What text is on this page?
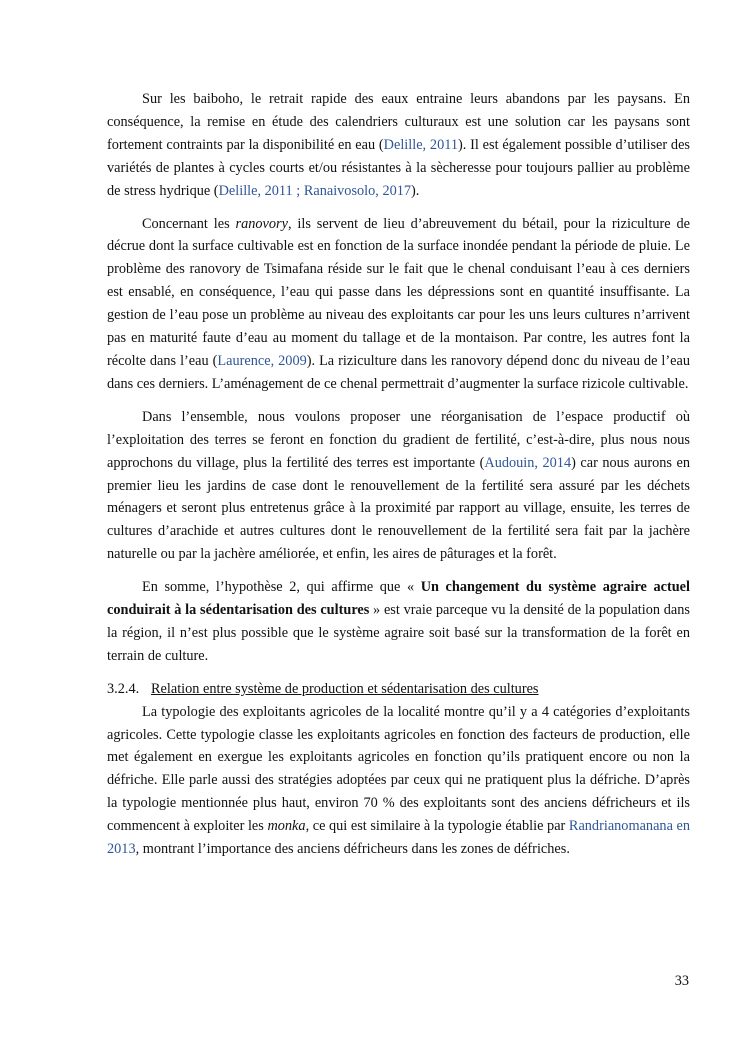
Sur les baiboho, le retrait rapide des eaux entraine leurs abandons par les paysans. En conséquence, la remise en étude des calendriers culturaux est une solution car les paysans sont fortement contraints par la disponibilité en eau (Delille, 2011). Il est également possible d’utiliser des variétés de plantes à cycles courts et/ou résistantes à la sècheresse pour toujours pallier au problème de stress hydrique (Delille, 2011 ; Ranaivosolo, 2017).

Concernant les ranovory, ils servent de lieu d’abreuvement du bétail, pour la riziculture de décrue dont la surface cultivable est en fonction de la surface inondée pendant la période de pluie. Le problème des ranovory de Tsimafana réside sur le fait que le chenal conduisant l’eau à ces derniers est ensablé, en conséquence, l’eau qui passe dans les dépressions sont en quantité insuffisante. La gestion de l’eau pose un problème au niveau des exploitants car pour les uns leurs cultures n’arrivent pas en maturité faute d’eau au moment du tallage et de la montaison. Par contre, les autres font la récolte dans l’eau (Laurence, 2009). La riziculture dans les ranovory dépend donc du niveau de l’eau dans ces derniers. L’aménagement de ce chenal permettrait d’augmenter la surface rizicole cultivable.

Dans l’ensemble, nous voulons proposer une réorganisation de l’espace productif où l’exploitation des terres se feront en fonction du gradient de fertilité, c’est-à-dire, plus nous nous approchons du village, plus la fertilité des terres est importante (Audouin, 2014) car nous aurons en premier lieu les jardins de case dont le renouvellement de la fertilité sera assuré par les déchets ménagers et seront plus entretenus grâce à la proximité par rapport au village, ensuite, les terres de cultures d’arachide et autres cultures dont le renouvellement de la fertilité sera fait par la jachère naturelle ou par la jachère améliorée, et enfin, les aires de pâturages et la forêt.

En somme, l’hypothèse 2, qui affirme que « Un changement du système agraire actuel conduirait à la sédentarisation des cultures » est vraie parceque vu la densité de la population dans la région, il n’est plus possible que le système agraire soit basé sur la transformation de la forêt en terrain de culture.

3.2.4. Relation entre système de production et sédentarisation des cultures

La typologie des exploitants agricoles de la localité montre qu’il y a 4 catégories d’exploitants agricoles. Cette typologie classe les exploitants agricoles en fonction des facteurs de production, elle met également en exergue les exploitants agricoles en fonction qu’ils pratiquent encore ou non la défriche. Elle parle aussi des stratégies adoptées par ceux qui ne pratiquent plus la défriche. D’après la typologie mentionnée plus haut, environ 70 % des exploitants sont des anciens défricheurs et ils commencent à exploiter les monka, ce qui est similaire à la typologie établie par Randrianomanana en 2013, montrant l’importance des anciens défricheurs dans les zones de défriches.

33
